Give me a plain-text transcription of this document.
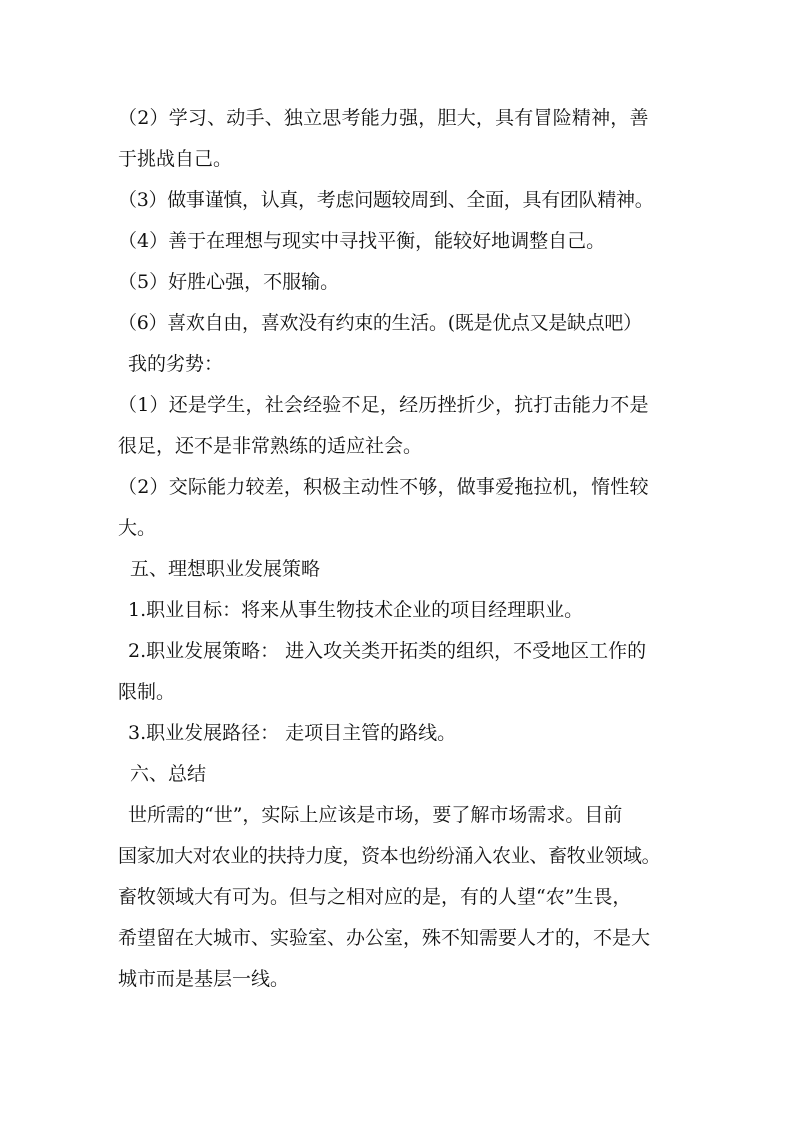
（2）学习、动手、独立思考能力强，胆大，具有冒险精神，善
于挑战自己。
（3）做事谨慎，认真，考虑问题较周到、全面，具有团队精神。
（4）善于在理想与现实中寻找平衡，能较好地调整自己。
（5）好胜心强，不服输。
（6）喜欢自由，喜欢没有约束的生活。(既是优点又是缺点吧）
我的劣势：
（1）还是学生，社会经验不足，经历挫折少，抗打击能力不是
很足，还不是非常熟练的适应社会。
（2）交际能力较差，积极主动性不够，做事爱拖拉机，惰性较
大。
五、理想职业发展策略
1.职业目标：将来从事生物技术企业的项目经理职业。
2.职业发展策略： 进入攻关类开拓类的组织，不受地区工作的
限制。
3.职业发展路径： 走项目主管的路线。
六、总结
世所需的“世”，实际上应该是市场，要了解市场需求。目前
国家加大对农业的扶持力度，资本也纷纷涌入农业、畜牧业领域。
畜牧领域大有可为。但与之相对应的是，有的人望“农”生畏，
希望留在大城市、实验室、办公室，殊不知需要人才的，不是大
城市而是基层一线。
